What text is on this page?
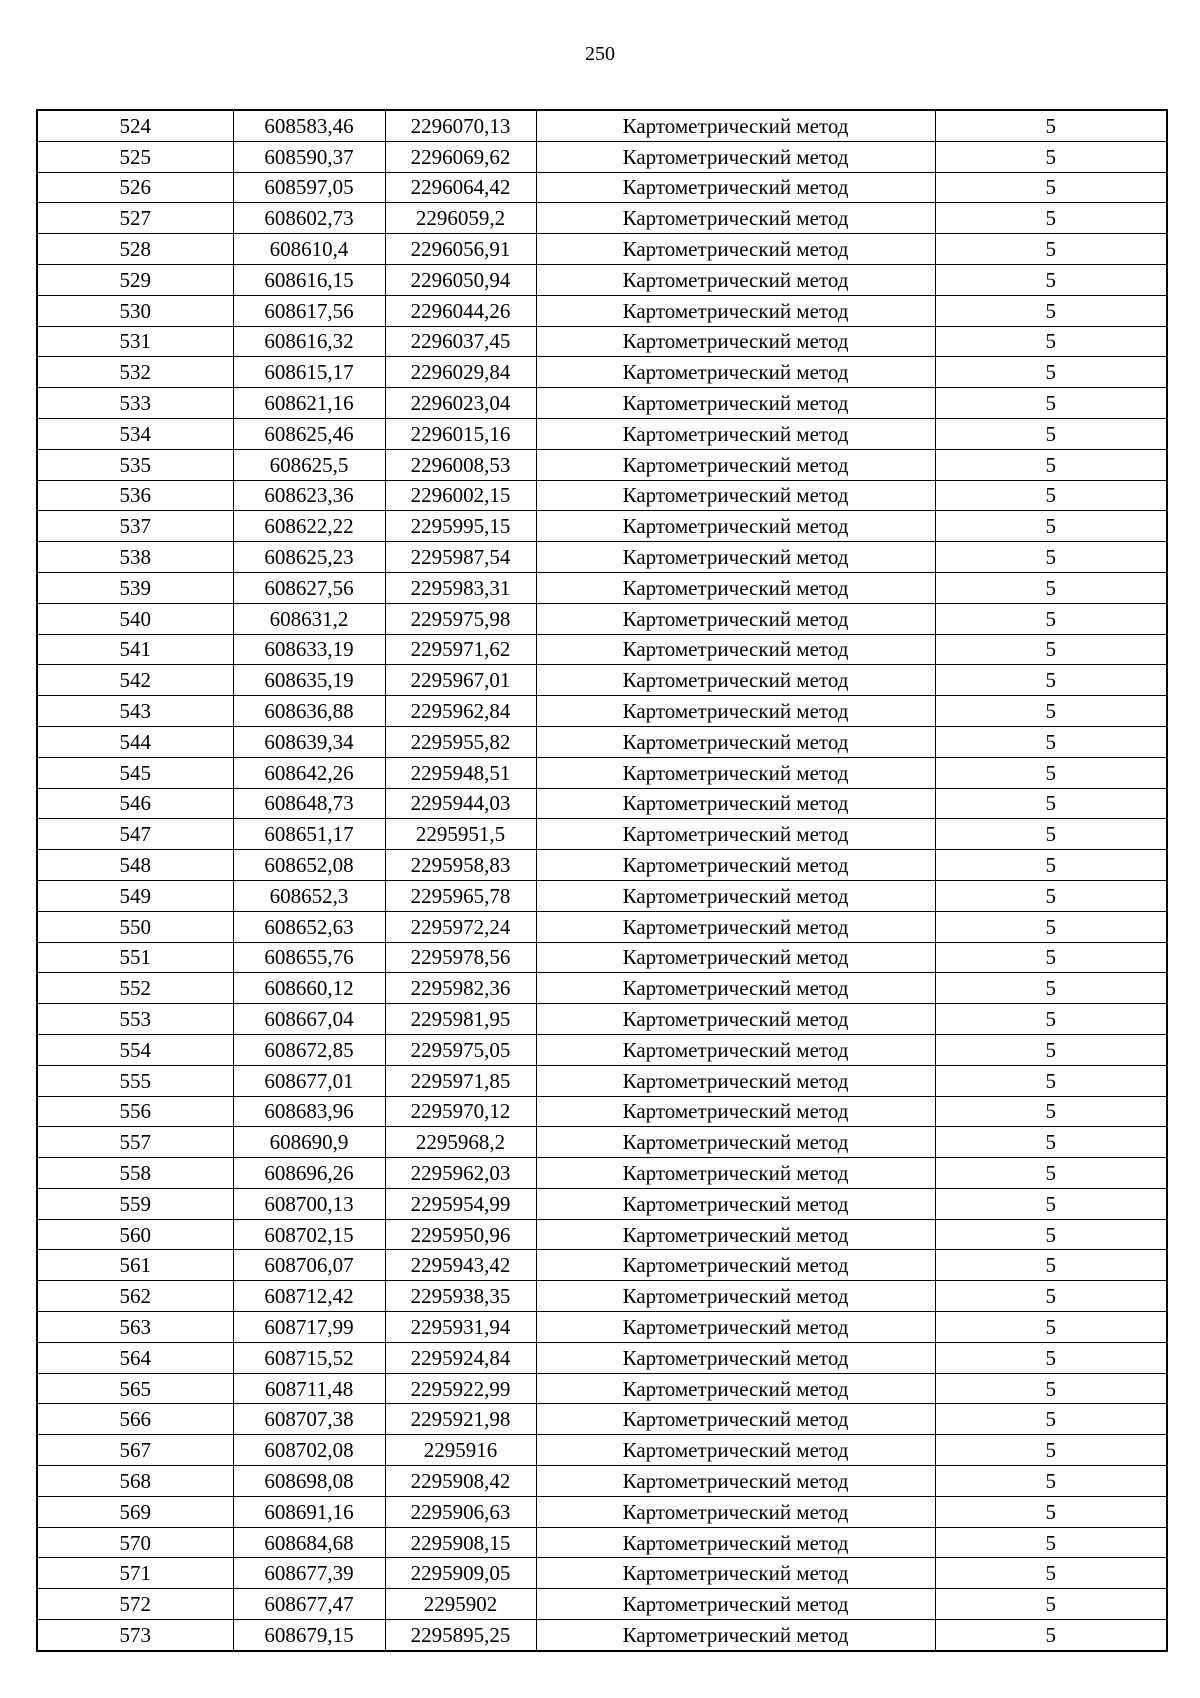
250
524	608583,46	2296070,13	Картометрический метод	5
525	608590,37	2296069,62	Картометрический метод	5
526	608597,05	2296064,42	Картометрический метод	5
527	608602,73	2296059,2	Картометрический метод	5
528	608610,4	2296056,91	Картометрический метод	5
529	608616,15	2296050,94	Картометрический метод	5
530	608617,56	2296044,26	Картометрический метод	5
531	608616,32	2296037,45	Картометрический метод	5
532	608615,17	2296029,84	Картометрический метод	5
533	608621,16	2296023,04	Картометрический метод	5
534	608625,46	2296015,16	Картометрический метод	5
535	608625,5	2296008,53	Картометрический метод	5
536	608623,36	2296002,15	Картометрический метод	5
537	608622,22	2295995,15	Картометрический метод	5
538	608625,23	2295987,54	Картометрический метод	5
539	608627,56	2295983,31	Картометрический метод	5
540	608631,2	2295975,98	Картометрический метод	5
541	608633,19	2295971,62	Картометрический метод	5
542	608635,19	2295967,01	Картометрический метод	5
543	608636,88	2295962,84	Картометрический метод	5
544	608639,34	2295955,82	Картометрический метод	5
545	608642,26	2295948,51	Картометрический метод	5
546	608648,73	2295944,03	Картометрический метод	5
547	608651,17	2295951,5	Картометрический метод	5
548	608652,08	2295958,83	Картометрический метод	5
549	608652,3	2295965,78	Картометрический метод	5
550	608652,63	2295972,24	Картометрический метод	5
551	608655,76	2295978,56	Картометрический метод	5
552	608660,12	2295982,36	Картометрический метод	5
553	608667,04	2295981,95	Картометрический метод	5
554	608672,85	2295975,05	Картометрический метод	5
555	608677,01	2295971,85	Картометрический метод	5
556	608683,96	2295970,12	Картометрический метод	5
557	608690,9	2295968,2	Картометрический метод	5
558	608696,26	2295962,03	Картометрический метод	5
559	608700,13	2295954,99	Картометрический метод	5
560	608702,15	2295950,96	Картометрический метод	5
561	608706,07	2295943,42	Картометрический метод	5
562	608712,42	2295938,35	Картометрический метод	5
563	608717,99	2295931,94	Картометрический метод	5
564	608715,52	2295924,84	Картометрический метод	5
565	608711,48	2295922,99	Картометрический метод	5
566	608707,38	2295921,98	Картометрический метод	5
567	608702,08	2295916	Картометрический метод	5
568	608698,08	2295908,42	Картометрический метод	5
569	608691,16	2295906,63	Картометрический метод	5
570	608684,68	2295908,15	Картометрический метод	5
571	608677,39	2295909,05	Картометрический метод	5
572	608677,47	2295902	Картометрический метод	5
573	608679,15	2295895,25	Картометрический метод	5
